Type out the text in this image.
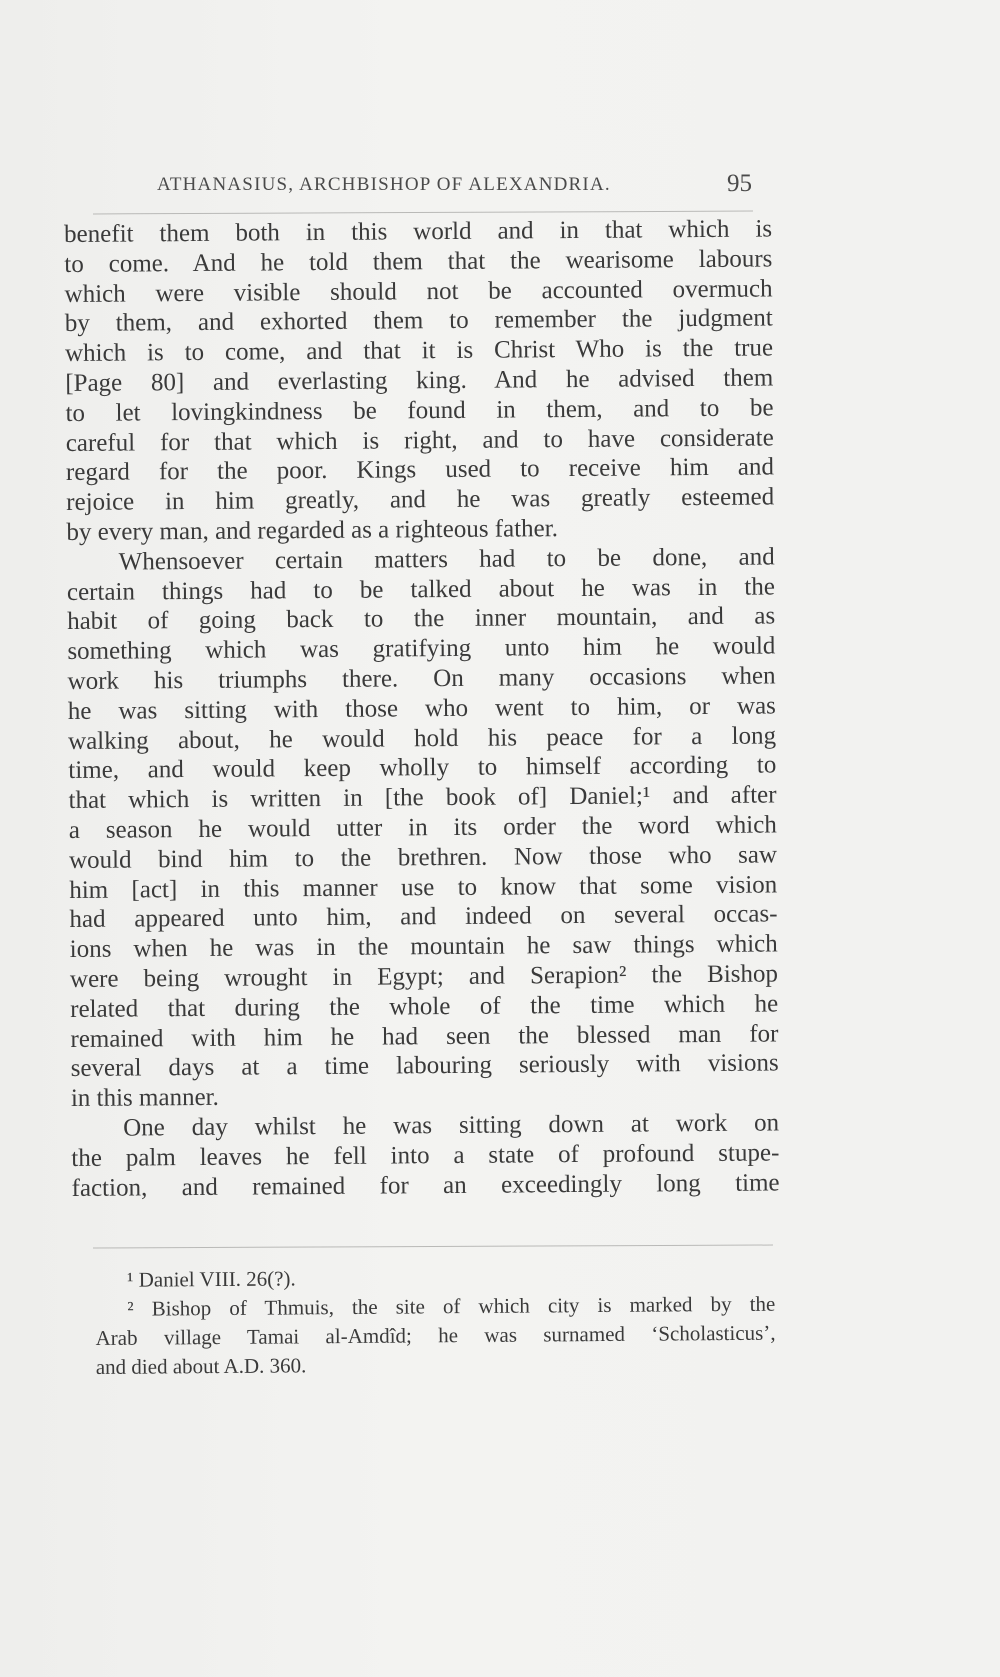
ATHANASIUS, ARCHBISHOP OF ALEXANDRIA.	95
benefit them both in this world and in that which is
to come. And he told them that the wearisome labours
which were visible should not be accounted overmuch
by them, and exhorted them to remember the judgment
which is to come, and that it is Christ Who is the true
[Page 80] and everlasting king. And he advised them
to let lovingkindness be found in them, and to be
careful for that which is right, and to have considerate
regard for the poor. Kings used to receive him and
rejoice in him greatly, and he was greatly esteemed
by every man, and regarded as a righteous father.
Whensoever certain matters had to be done, and
certain things had to be talked about he was in the
habit of going back to the inner mountain, and as
something which was gratifying unto him he would
work his triumphs there. On many occasions when
he was sitting with those who went to him, or was
walking about, he would hold his peace for a long
time, and would keep wholly to himself according to
that which is written in [the book of] Daniel;¹ and after
a season he would utter in its order the word which
would bind him to the brethren. Now those who saw
him [act] in this manner use to know that some vision
had appeared unto him, and indeed on several occas-
ions when he was in the mountain he saw things which
were being wrought in Egypt; and Serapion² the Bishop
related that during the whole of the time which he
remained with him he had seen the blessed man for
several days at a time labouring seriously with visions
in this manner.
One day whilst he was sitting down at work on
the palm leaves he fell into a state of profound stupe-
faction, and remained for an exceedingly long time
¹ Daniel VIII. 26(?).
² Bishop of Thmuis, the site of which city is marked by the
Arab village Tamai al-Amdîd; he was surnamed ‘Scholasticus’,
and died about A.D. 360.
